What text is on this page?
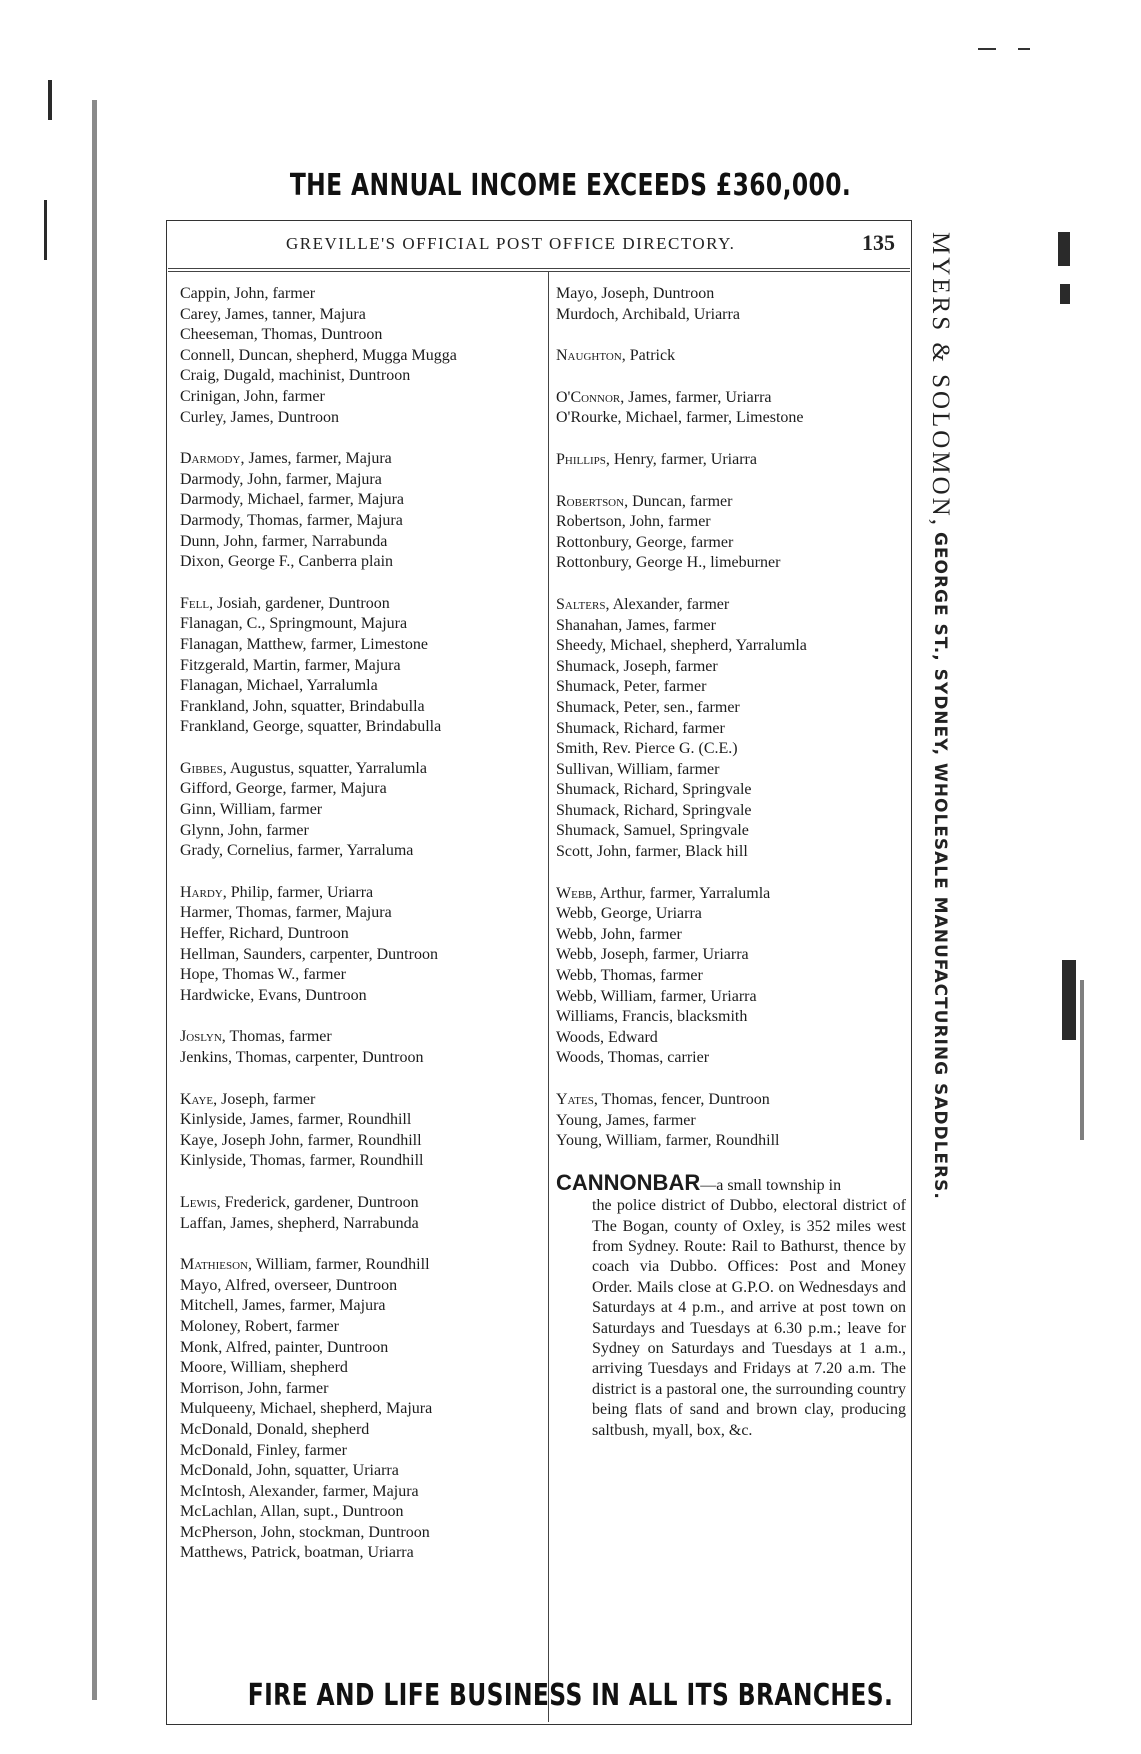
THE ANNUAL INCOME EXCEEDS £360,000.
GREVILLE'S OFFICIAL POST OFFICE DIRECTORY.	135
Cappin, John, farmer
Carey, James, tanner, Majura
Cheeseman, Thomas, Duntroon
Connell, Duncan, shepherd, Mugga Mugga
Craig, Dugald, machinist, Duntroon
Crinigan, John, farmer
Curley, James, Duntroon
Darmody, James, farmer, Majura
Darmody, John, farmer, Majura
Darmody, Michael, farmer, Majura
Darmody, Thomas, farmer, Majura
Dunn, John, farmer, Narrabunda
Dixon, George F., Canberra plain
Fell, Josiah, gardener, Duntroon
Flanagan, C., Springmount, Majura
Flanagan, Matthew, farmer, Limestone
Fitzgerald, Martin, farmer, Majura
Flanagan, Michael, Yarralumla
Frankland, John, squatter, Brindabulla
Frankland, George, squatter, Brindabulla
Gibbes, Augustus, squatter, Yarralumla
Gifford, George, farmer, Majura
Ginn, William, farmer
Glynn, John, farmer
Grady, Cornelius, farmer, Yarraluma
Hardy, Philip, farmer, Uriarra
Harmer, Thomas, farmer, Majura
Heffer, Richard, Duntroon
Hellman, Saunders, carpenter, Duntroon
Hope, Thomas W., farmer
Hardwicke, Evans, Duntroon
Joslyn, Thomas, farmer
Jenkins, Thomas, carpenter, Duntroon
Kaye, Joseph, farmer
Kinlyside, James, farmer, Roundhill
Kaye, Joseph John, farmer, Roundhill
Kinlyside, Thomas, farmer, Roundhill
Lewis, Frederick, gardener, Duntroon
Laffan, James, shepherd, Narrabunda
Mathieson, William, farmer, Roundhill
Mayo, Alfred, overseer, Duntroon
Mitchell, James, farmer, Majura
Moloney, Robert, farmer
Monk, Alfred, painter, Duntroon
Moore, William, shepherd
Morrison, John, farmer
Mulqueeny, Michael, shepherd, Majura
McDonald, Donald, shepherd
McDonald, Finley, farmer
McDonald, John, squatter, Uriarra
McIntosh, Alexander, farmer, Majura
McLachlan, Allan, supt., Duntroon
McPherson, John, stockman, Duntroon
Matthews, Patrick, boatman, Uriarra
Mayo, Joseph, Duntroon
Murdoch, Archibald, Uriarra
Naughton, Patrick
O'Connor, James, farmer, Uriarra
O'Rourke, Michael, farmer, Limestone
Phillips, Henry, farmer, Uriarra
Robertson, Duncan, farmer
Robertson, John, farmer
Rottonbury, George, farmer
Rottonbury, George H., limeburner
Salters, Alexander, farmer
Shanahan, James, farmer
Sheedy, Michael, shepherd, Yarralumla
Shumack, Joseph, farmer
Shumack, Peter, farmer
Shumack, Peter, sen., farmer
Shumack, Richard, farmer
Smith, Rev. Pierce G. (C.E.)
Sullivan, William, farmer
Shumack, Richard, Springvale
Shumack, Richard, Springvale
Shumack, Samuel, Springvale
Scott, John, farmer, Black hill
Webb, Arthur, farmer, Yarralumla
Webb, George, Uriarra
Webb, John, farmer
Webb, Joseph, farmer, Uriarra
Webb, Thomas, farmer
Webb, William, farmer, Uriarra
Williams, Francis, blacksmith
Woods, Edward
Woods, Thomas, carrier
Yates, Thomas, fencer, Duntroon
Young, James, farmer
Young, William, farmer, Roundhill
CANNONBAR—a small township in
the police district of Dubbo, electoral district of The Bogan, county of Oxley, is 352 miles west from Sydney. Route: Rail to Bathurst, thence by coach via Dubbo. Offices: Post and Money Order. Mails close at G.P.O. on Wednesdays and Saturdays at 4 p.m., and arrive at post town on Saturdays and Tuesdays at 6.30 p.m.; leave for Sydney on Saturdays and Tuesdays at 1 a.m., arriving Tuesdays and Fridays at 7.20 a.m. The district is a pastoral one, the surrounding country being flats of sand and brown clay, producing saltbush, myall, box, &c.
MYERS & SOLOMON, GEORGE ST., SYDNEY, WHOLESALE MANUFACTURING SADDLERS.
FIRE AND LIFE BUSINESS IN ALL ITS BRANCHES.
